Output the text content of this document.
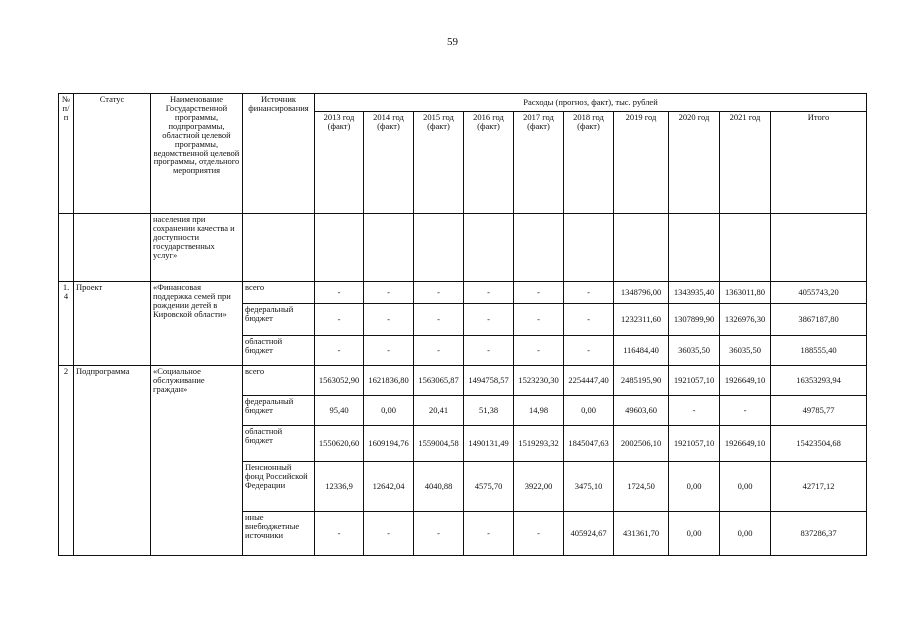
59
№ п/п	Статус	Наименование Государственной программы, подпрограммы, областной целевой программы, ведомственной целевой программы, отдельного мероприятия	Источник финансирования	Расходы (прогноз, факт), тыс. рублей									
				2013 год (факт)	2014 год (факт)	2015 год (факт)	2016 год (факт)	2017 год (факт)	2018 год (факт)	2019 год	2020 год	2021 год	Итого
		населения при сохранении качества и доступности государственных услуг»											
1.4	Проект	«Финансовая поддержка семей при рождении детей в Кировской области»	всего	-	-	-	-	-	-	1348796,00	1343935,40	1363011,80	4055743,20
			федеральный бюджет	-	-	-	-	-	-	1232311,60	1307899,90	1326976,30	3867187,80
			областной бюджет	-	-	-	-	-	-	116484,40	36035,50	36035,50	188555,40
2	Подпрограмма	«Социальное обслуживание граждан»	всего	1563052,90	1621836,80	1563065,87	1494758,57	1523230,30	2254447,40	2485195,90	1921057,10	1926649,10	16353293,94
			федеральный бюджет	95,40	0,00	20,41	51,38	14,98	0,00	49603,60	-	-	49785,77
			областной бюджет	1550620,60	1609194,76	1559004,58	1490131,49	1519293,32	1845047,63	2002506,10	1921057,10	1926649,10	15423504,68
			Пенсионный фонд Российской Федерации	12336,9	12642,04	4040,88	4575,70	3922,00	3475,10	1724,50	0,00	0,00	42717,12
			иные внебюджетные источники	-	-	-	-	-	405924,67	431361,70	0,00	0,00	837286,37
